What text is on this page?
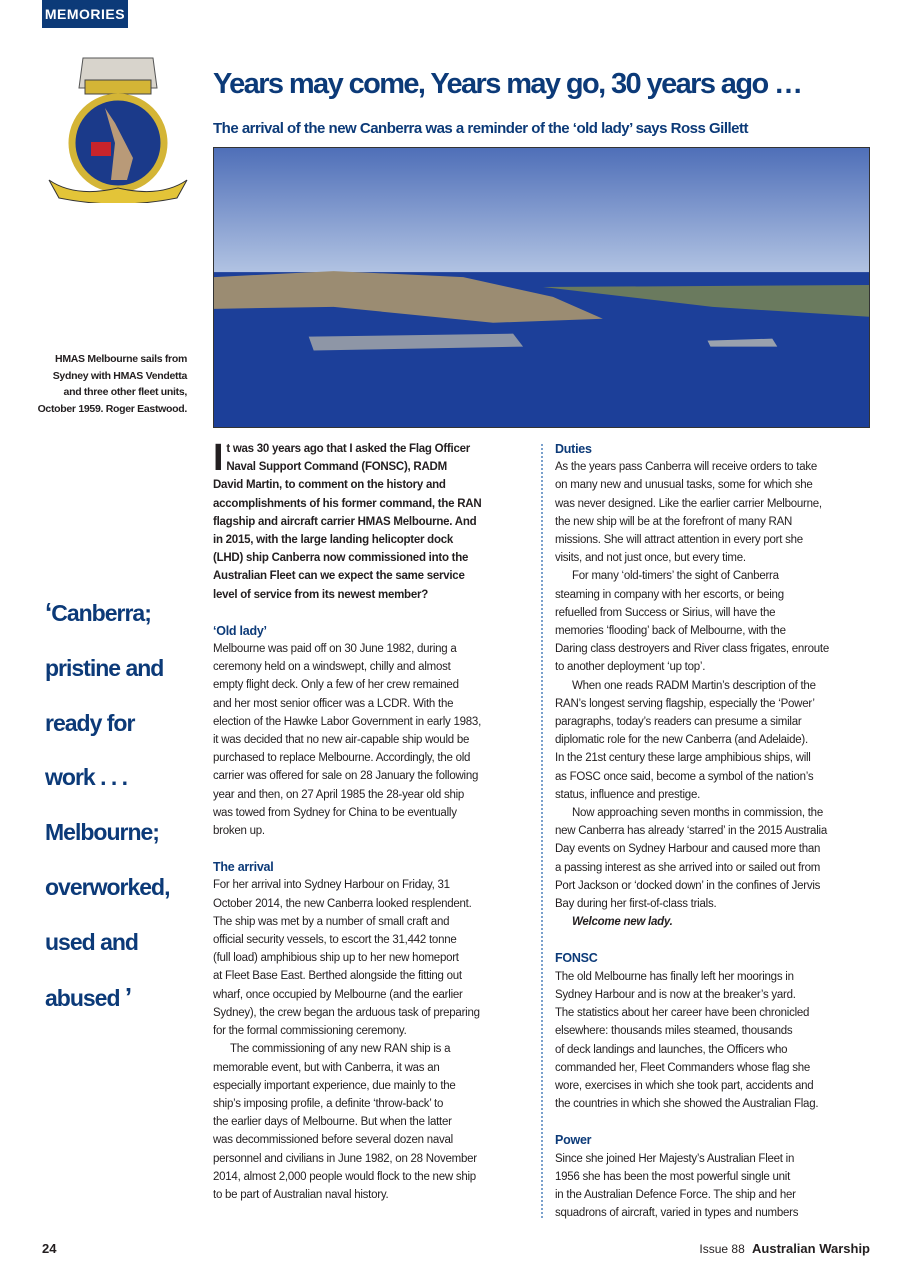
MEMORIES
Years may come, Years may go, 30 years ago …
The arrival of the new Canberra was a reminder of the ‘old lady’ says Ross Gillett
HMAS Melbourne sails from
Sydney with HMAS Vendetta
and three other fleet units,
October 1959. Roger Eastwood.
‘Canberra;
pristine and
ready for
work . . .
Melbourne;
overworked,
used and
abused ’

It was 30 years ago that I asked the Flag Officer
Naval Support Command (FONSC), RADM
David Martin, to comment on the history and
accomplishments of his former command, the RAN
flagship and aircraft carrier HMAS Melbourne. And
in 2015, with the large landing helicopter dock
(LHD) ship Canberra now commissioned into the
Australian Fleet can we expect the same service
level of service from its newest member?

‘Old lady’

Melbourne was paid off on 30 June 1982, during a
ceremony held on a windswept, chilly and almost
empty flight deck. Only a few of her crew remained
and her most senior officer was a LCDR. With the
election of the Hawke Labor Government in early 1983,
it was decided that no new air-capable ship would be
purchased to replace Melbourne. Accordingly, the old
carrier was offered for sale on 28 January the following
year and then, on 27 April 1985 the 28-year old ship
was towed from Sydney for China to be eventually
broken up.

The arrival

For her arrival into Sydney Harbour on Friday, 31
October 2014, the new Canberra looked resplendent.
The ship was met by a number of small craft and
official security vessels, to escort the 31,442 tonne
(full load) amphibious ship up to her new homeport
at Fleet Base East. Berthed alongside the fitting out
wharf, once occupied by Melbourne (and the earlier
Sydney), the crew began the arduous task of preparing
for the formal commissioning ceremony.

The commissioning of any new RAN ship is a
memorable event, but with Canberra, it was an
especially important experience, due mainly to the
ship’s imposing profile, a definite ‘throw-back’ to
the earlier days of Melbourne. But when the latter
was decommissioned before several dozen naval
personnel and civilians in June 1982, on 28 November
2014, almost 2,000 people would flock to the new ship
to be part of Australian naval history.

Duties

As the years pass Canberra will receive orders to take
on many new and unusual tasks, some for which she
was never designed. Like the earlier carrier Melbourne,
the new ship will be at the forefront of many RAN
missions. She will attract attention in every port she
visits, and not just once, but every time.

For many ‘old-timers’ the sight of Canberra
steaming in company with her escorts, or being
refuelled from Success or Sirius, will have the
memories ‘flooding’ back of Melbourne, with the
Daring class destroyers and River class frigates, enroute
to another deployment ‘up top’.

When one reads RADM Martin’s description of the
RAN’s longest serving flagship, especially the ‘Power’
paragraphs, today’s readers can presume a similar
diplomatic role for the new Canberra (and Adelaide).
In the 21st century these large amphibious ships, will
as FOSC once said, become a symbol of the nation’s
status, influence and prestige.

Now approaching seven months in commission, the
new Canberra has already ‘starred’ in the 2015 Australia
Day events on Sydney Harbour and caused more than
a passing interest as she arrived into or sailed out from
Port Jackson or ‘docked down’ in the confines of Jervis
Bay during her first-of-class trials.

Welcome new lady.

FONSC

The old Melbourne has finally left her moorings in
Sydney Harbour and is now at the breaker’s yard.
The statistics about her career have been chronicled
elsewhere: thousands miles steamed, thousands
of deck landings and launches, the Officers who
commanded her, Fleet Commanders whose flag she
wore, exercises in which she took part, accidents and
the countries in which she showed the Australian Flag.

Power

Since she joined Her Majesty’s Australian Fleet in
1956 she has been the most powerful single unit
in the Australian Defence Force. The ship and her
squadrons of aircraft, varied in types and numbers

24	Issue 88 Australian Warship
